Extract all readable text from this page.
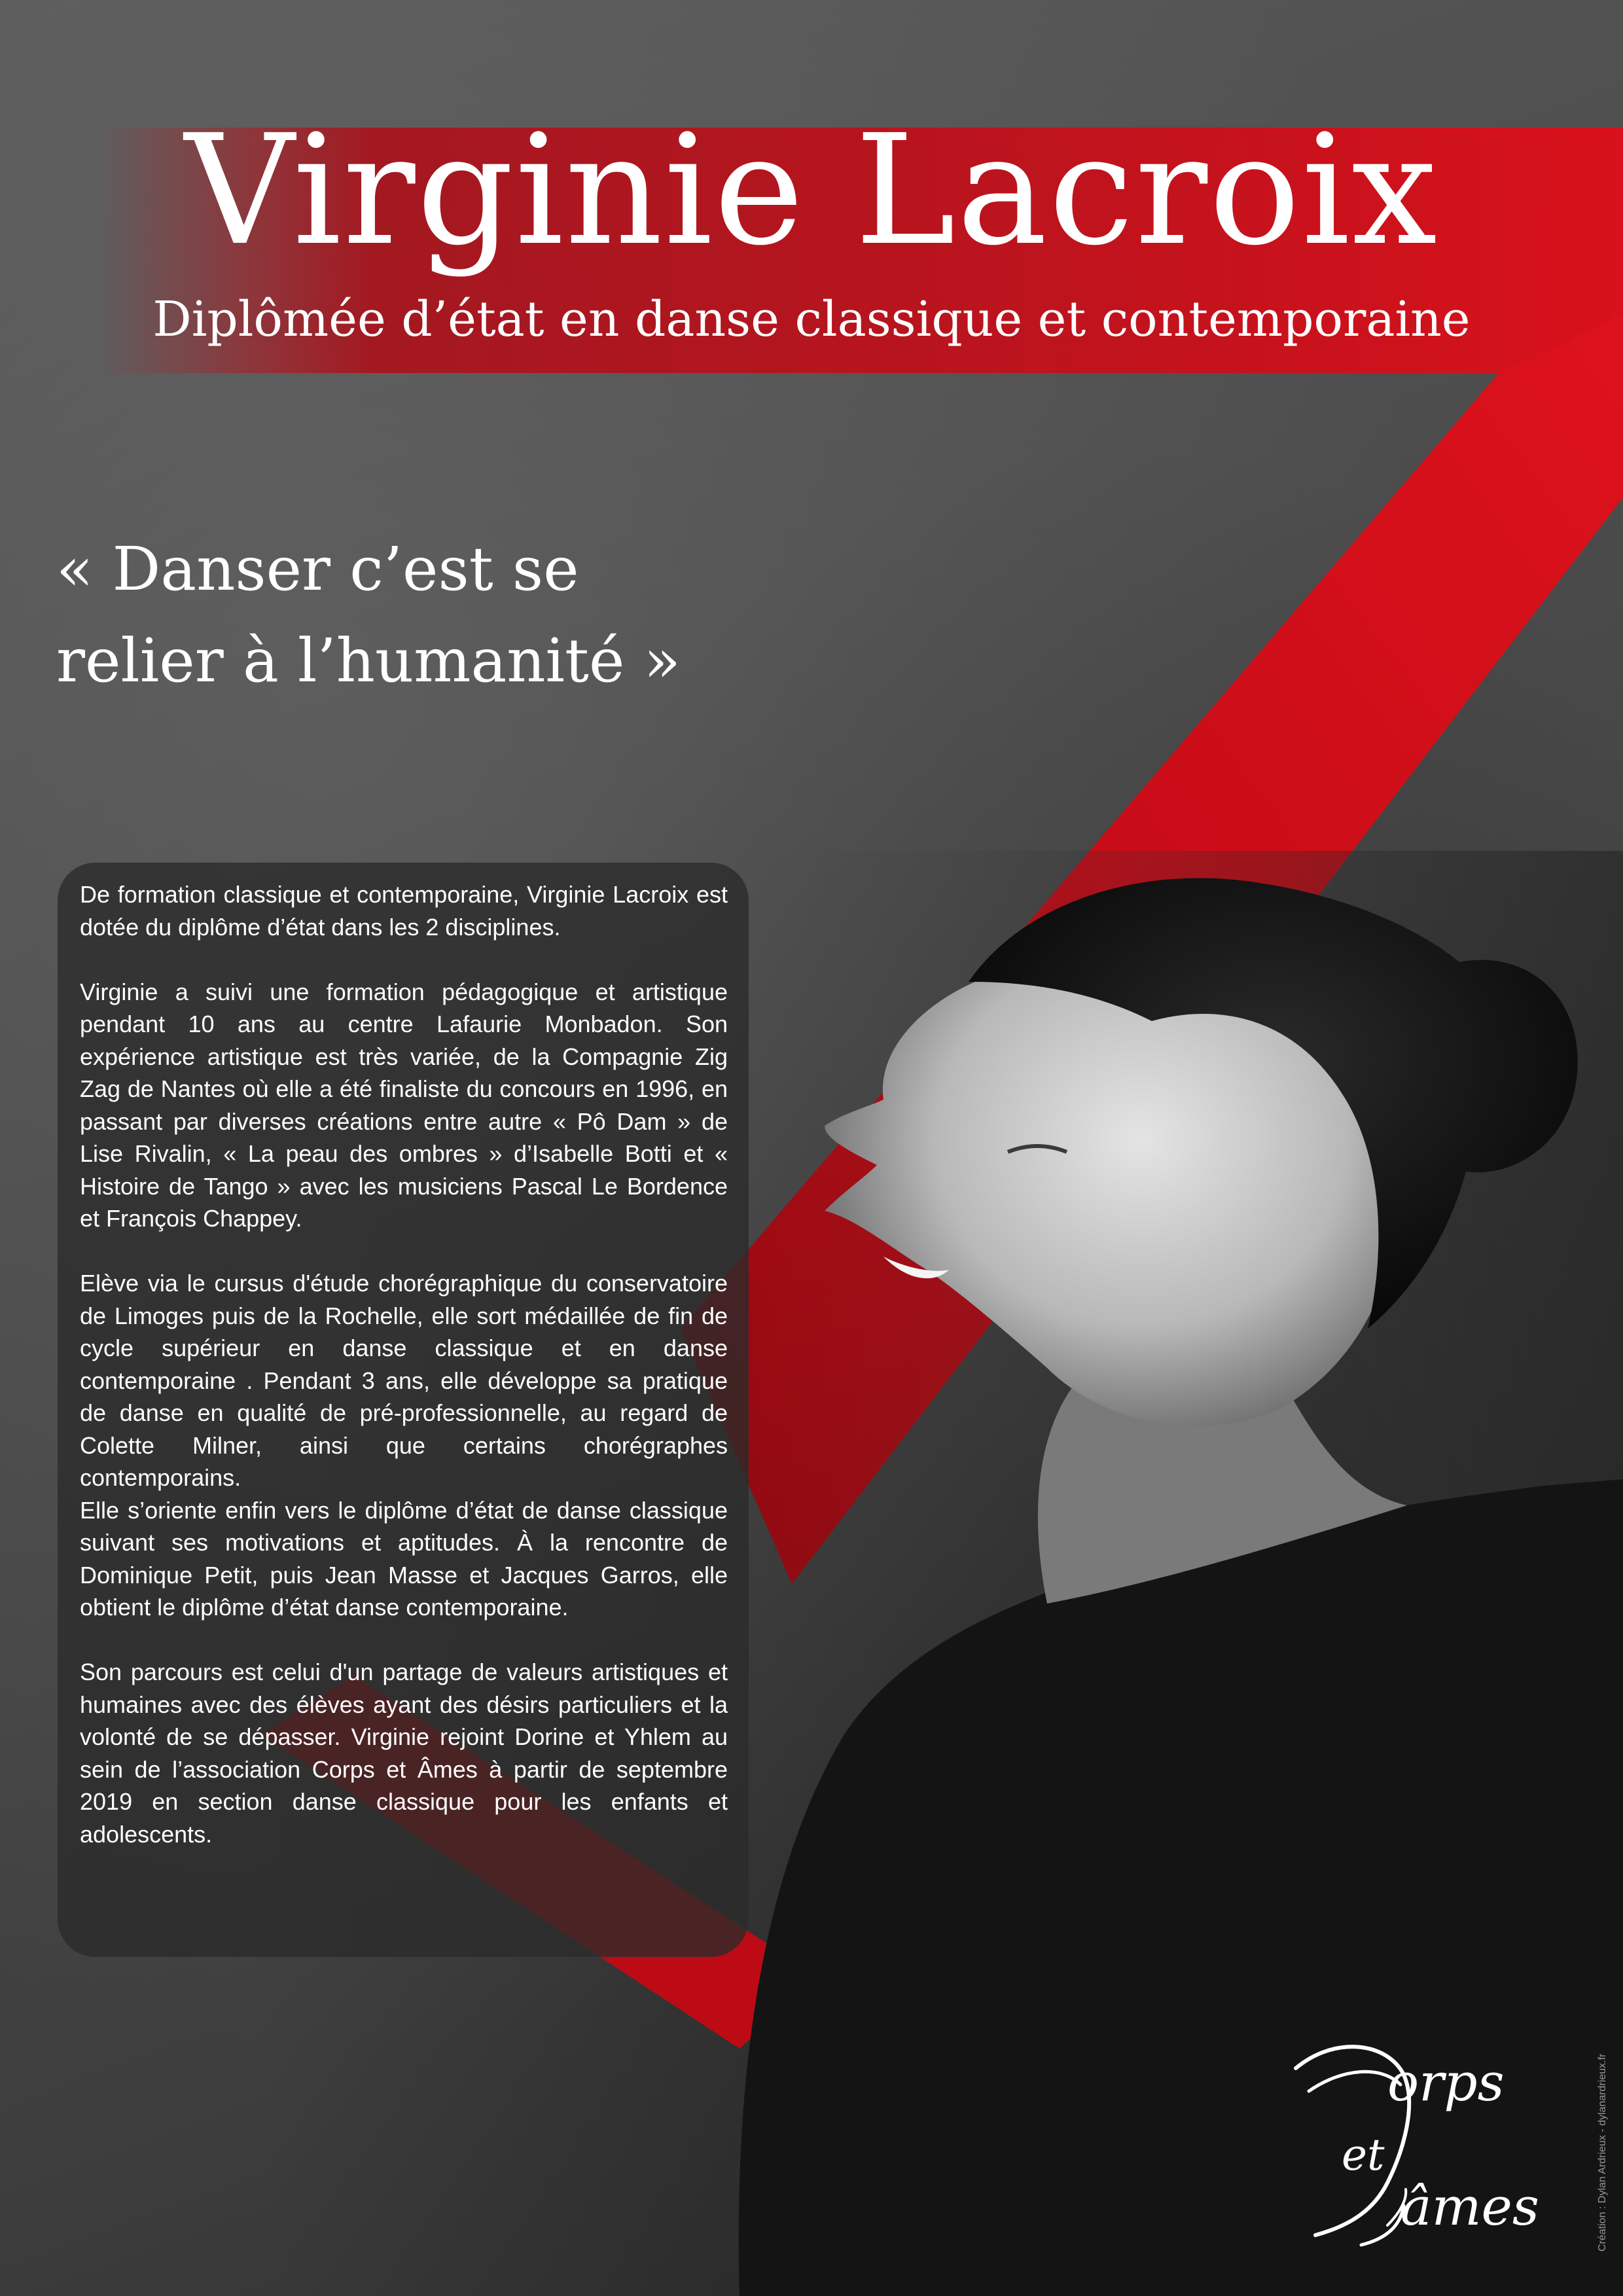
Virginie Lacroix
Diplômée d’état en danse classique et contemporaine
« Danser c’est se
relier à l’humanité »

De formation classique et contemporaine, Virginie Lacroix est dotée du diplôme d’état dans les 2 disciplines.

Virginie a suivi une formation pédagogique et artistique pendant 10 ans au centre Lafaurie Monbadon. Son expérience artistique est très variée, de la Compagnie Zig Zag de Nantes où elle a été finaliste du concours en 1996, en passant par diverses créations entre autre « Pô Dam » de Lise Rivalin, « La peau des ombres » d’Isabelle Botti et « Histoire de Tango » avec les musiciens Pascal Le Bordence et François Chappey.

Elève via le cursus d'étude chorégraphique du conservatoire de Limoges puis de la Rochelle, elle sort médaillée de fin de cycle supérieur en danse classique et en danse contemporaine . Pendant 3 ans, elle développe sa pratique de danse en qualité de pré-professionnelle, au regard de Colette Milner, ainsi que certains chorégraphes contemporains.

Elle s’oriente enfin vers le diplôme d’état de danse classique suivant ses motivations et aptitudes. À la rencontre de Dominique Petit, puis Jean Masse et Jacques Garros, elle obtient le diplôme d’état danse contemporaine.

Son parcours est celui d'un partage de valeurs artistiques et humaines avec des élèves ayant des désirs particuliers et la volonté de se dépasser. Virginie rejoint Dorine et Yhlem au sein de l’association Corps et Âmes à partir de septembre 2019 en section danse classique pour les enfants et adolescents.

orps
et
âmes	Création : Dylan Ardrieux - dylanardrieux.fr
